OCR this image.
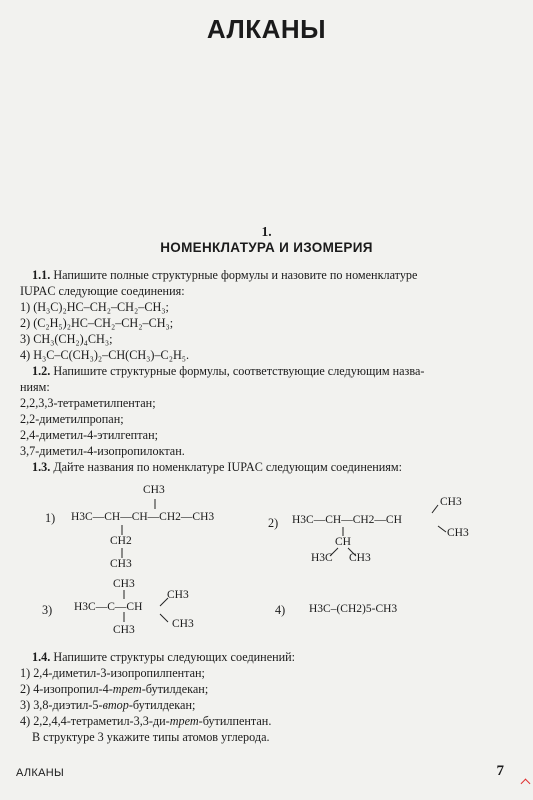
АЛКАНЫ
1.
НОМЕНКЛАТУРА И ИЗОМЕРИЯ
1.1. Напишите полные структурные формулы и назовите по номенклатуре
IUPAC следующие соединения:
1) (H₃C)₂HC–CH₂–CH₂–CH₃;
2) (C₂H₅)₂HC–CH₂–CH₂–CH₃;
3) CH₃(CH₂)₄CH₃;
4) H₃C–C(CH₃)₂–CH(CH₃)–C₂H₅.
1.2. Напишите структурные формулы, соответствующие следующим назва-
ниям:
2,2,3,3-тетраметилпентан;
2,2-диметилпропан;
2,4-диметил-4-этилгептан;
3,7-диметил-4-изопропилоктан.
1.3. Дайте названия по номенклатуре IUPAC следующим соединениям:
CH3
1) H3C—CH—CH—CH2—CH3
CH2
CH3
CH3
2) H3C—CH—CH2—CH
CH3
CH
H3C CH3
CH3
CH3
3) H3C—C—CH
CH3
CH3
4) H3C–(CH2)5-CH3
1.4. Напишите структуры следующих соединений:
1) 2,4-диметил-3-изопропилпентан;
2) 4-изопропил-4-трет-бутилдекан;
3) 3,8-диэтил-5-втор-бутилдекан;
4) 2,2,4,4-тетраметил-3,3-ди-трет-бутилпентан.
В структуре 3 укажите типы атомов углерода.
АЛКАНЫ	7
